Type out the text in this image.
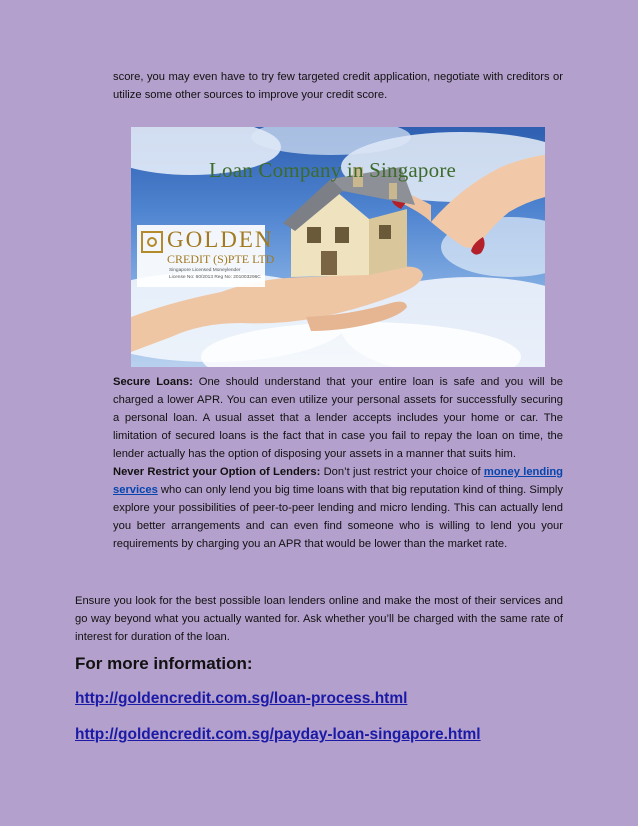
score, you may even have to try few targeted credit application, negotiate with creditors or utilize some other sources to improve your credit score.

Loan Company in Singapore
GOLDEN
CREDIT (S)PTE LTD
Singapore Licensed Moneylender
License No: 60/2013 Reg No: 201003296C

Secure Loans: One should understand that your entire loan is safe and you will be charged a lower APR. You can even utilize your personal assets for successfully securing a personal loan. A usual asset that a lender accepts includes your home or car. The limitation of secured loans is the fact that in case you fail to repay the loan on time, the lender actually has the option of disposing your assets in a manner that suits him.

Never Restrict your Option of Lenders: Don’t just restrict your choice of money lending services who can only lend you big time loans with that big reputation kind of thing. Simply explore your possibilities of peer-to-peer lending and micro lending. This can actually lend you better arrangements and can even find someone who is willing to lend you your requirements by charging you an APR that would be lower than the market rate.

Ensure you look for the best possible loan lenders online and make the most of their services and go way beyond what you actually wanted for. Ask whether you’ll be charged with the same rate of interest for duration of the loan.

For more information:
http://goldencredit.com.sg/loan-process.html
http://goldencredit.com.sg/payday-loan-singapore.html
